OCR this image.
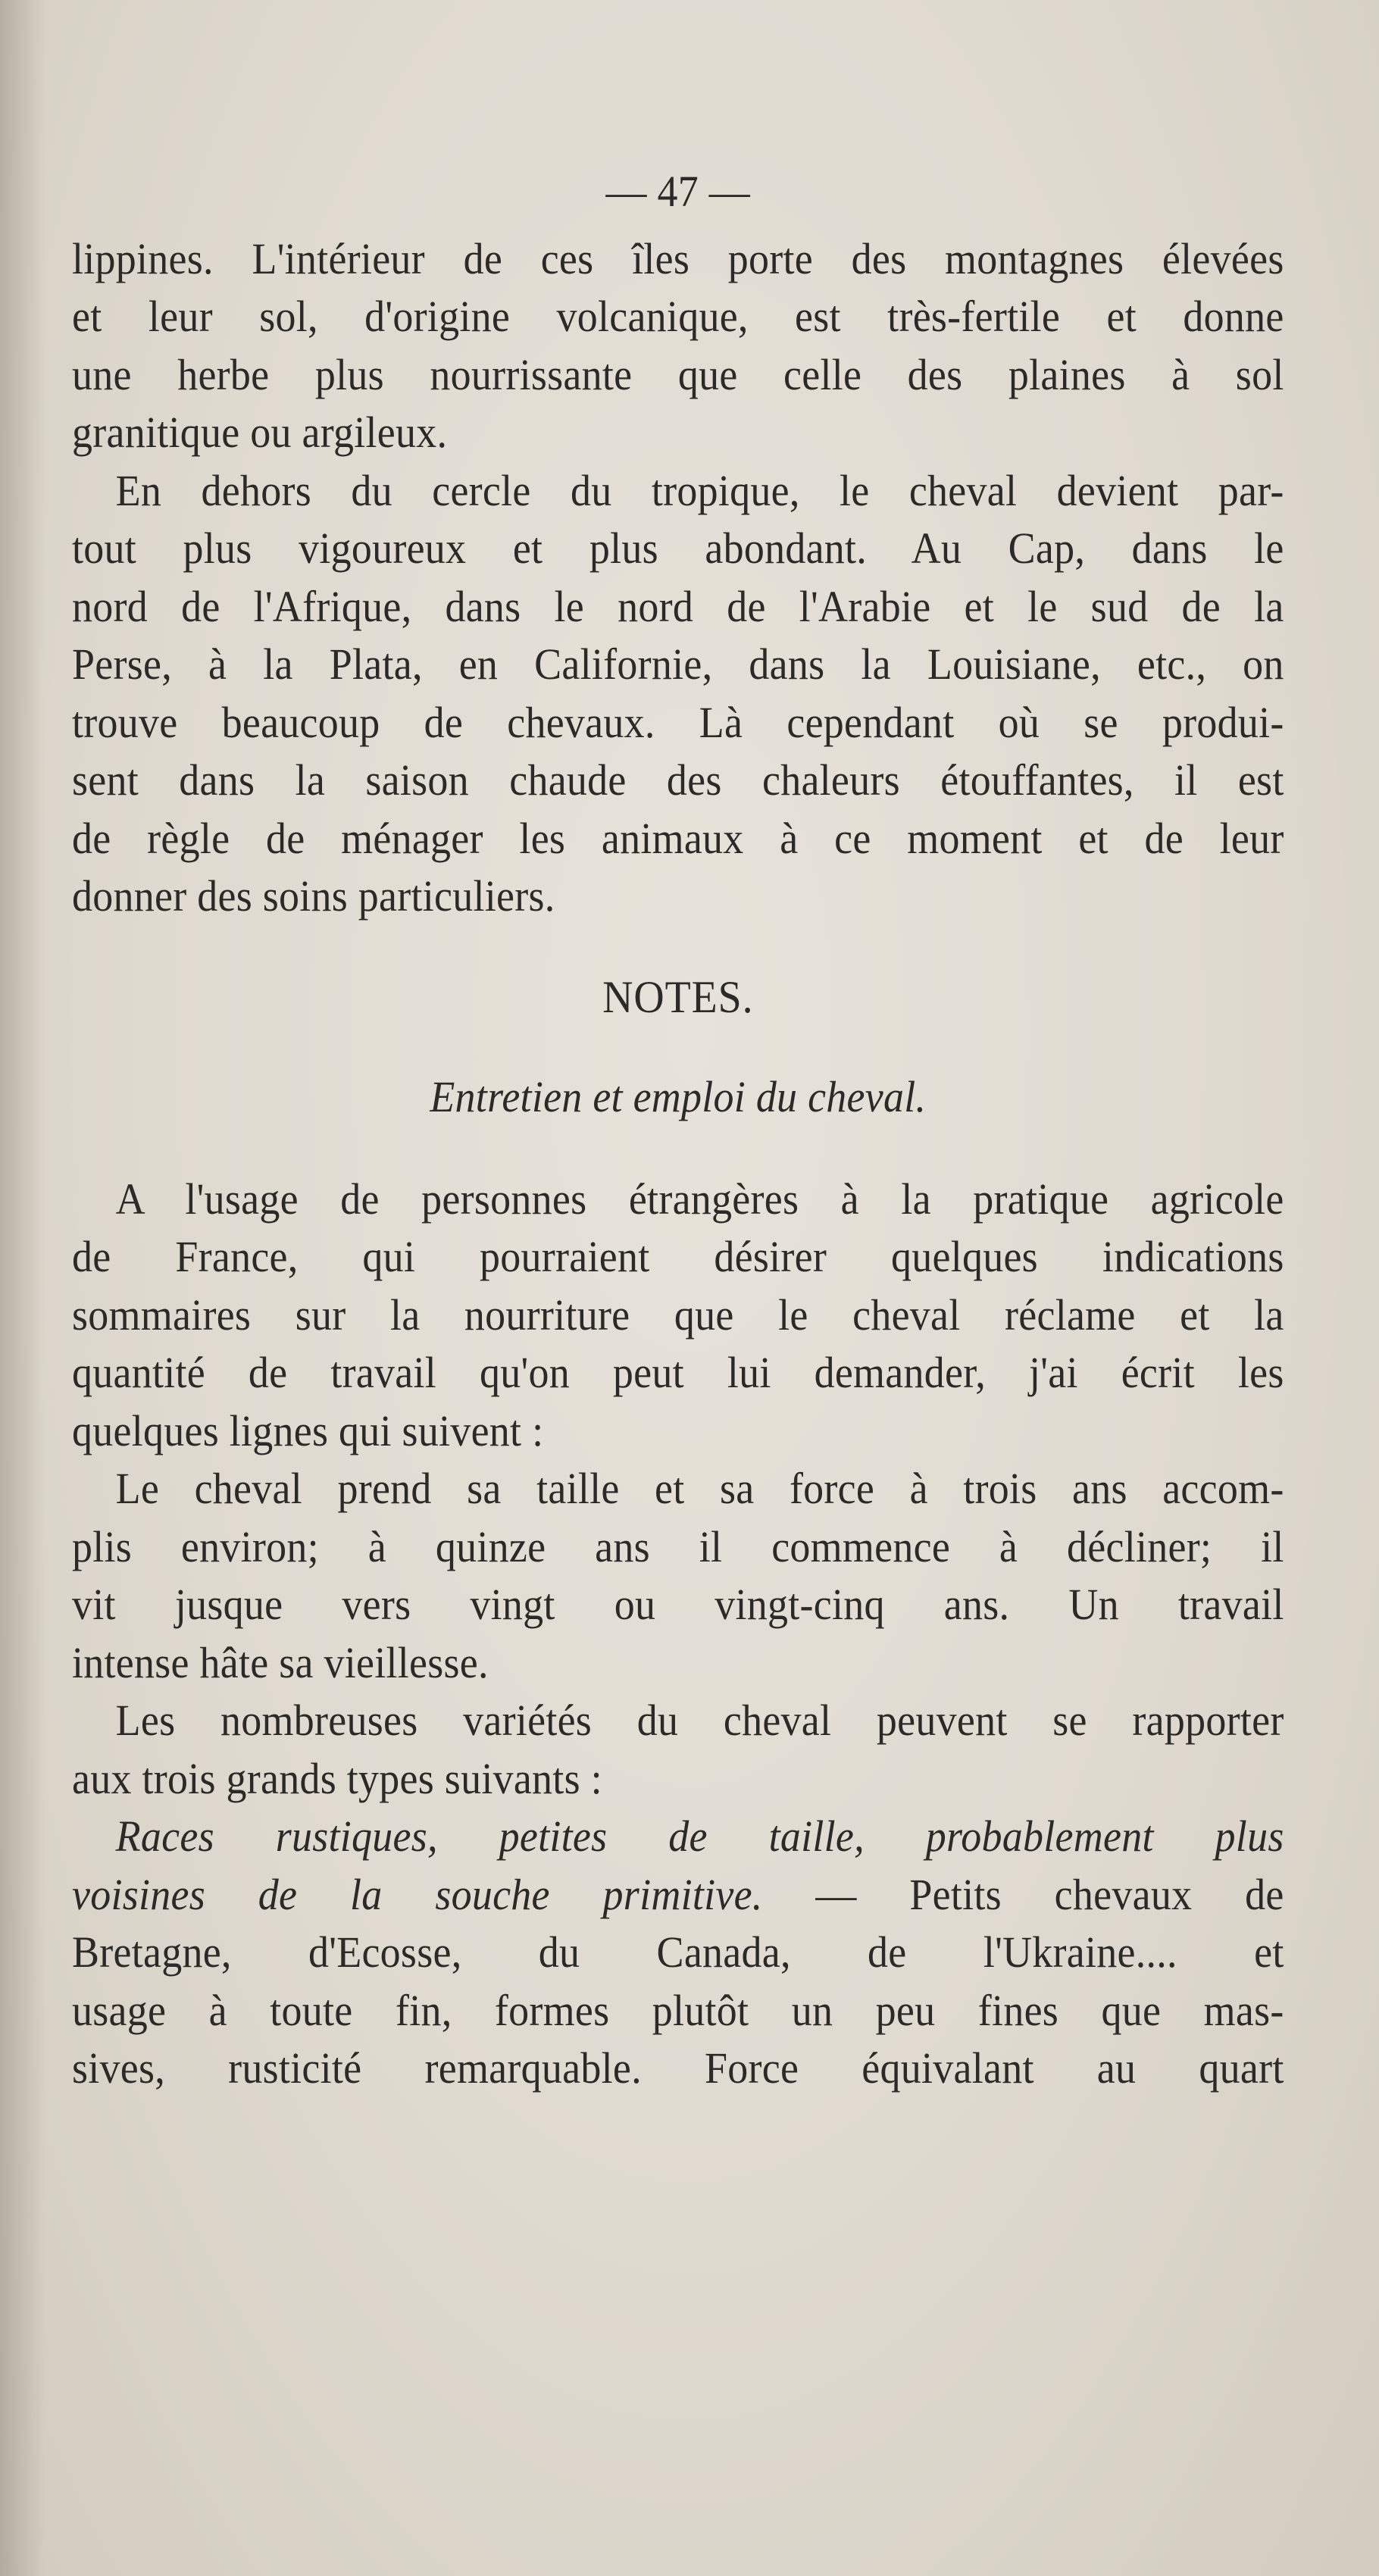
— 47 —
lippines. L'intérieur de ces îles porte des montagnes élevées
et leur sol, d'origine volcanique, est très-fertile et donne
une herbe plus nourrissante que celle des plaines à sol
granitique ou argileux.
En dehors du cercle du tropique, le cheval devient par-
tout plus vigoureux et plus abondant. Au Cap, dans le
nord de l'Afrique, dans le nord de l'Arabie et le sud de la
Perse, à la Plata, en Californie, dans la Louisiane, etc., on
trouve beaucoup de chevaux. Là cependant où se produi-
sent dans la saison chaude des chaleurs étouffantes, il est
de règle de ménager les animaux à ce moment et de leur
donner des soins particuliers.
NOTES.
Entretien et emploi du cheval.
A l'usage de personnes étrangères à la pratique agricole
de France, qui pourraient désirer quelques indications
sommaires sur la nourriture que le cheval réclame et la
quantité de travail qu'on peut lui demander, j'ai écrit les
quelques lignes qui suivent :
Le cheval prend sa taille et sa force à trois ans accom-
plis environ; à quinze ans il commence à décliner; il
vit jusque vers vingt ou vingt-cinq ans. Un travail
intense hâte sa vieillesse.
Les nombreuses variétés du cheval peuvent se rapporter
aux trois grands types suivants :
Races rustiques, petites de taille, probablement plus
voisines de la souche primitive. — Petits chevaux de
Bretagne, d'Ecosse, du Canada, de l'Ukraine.... et
usage à toute fin, formes plutôt un peu fines que mas-
sives, rusticité remarquable. Force équivalant au quart
